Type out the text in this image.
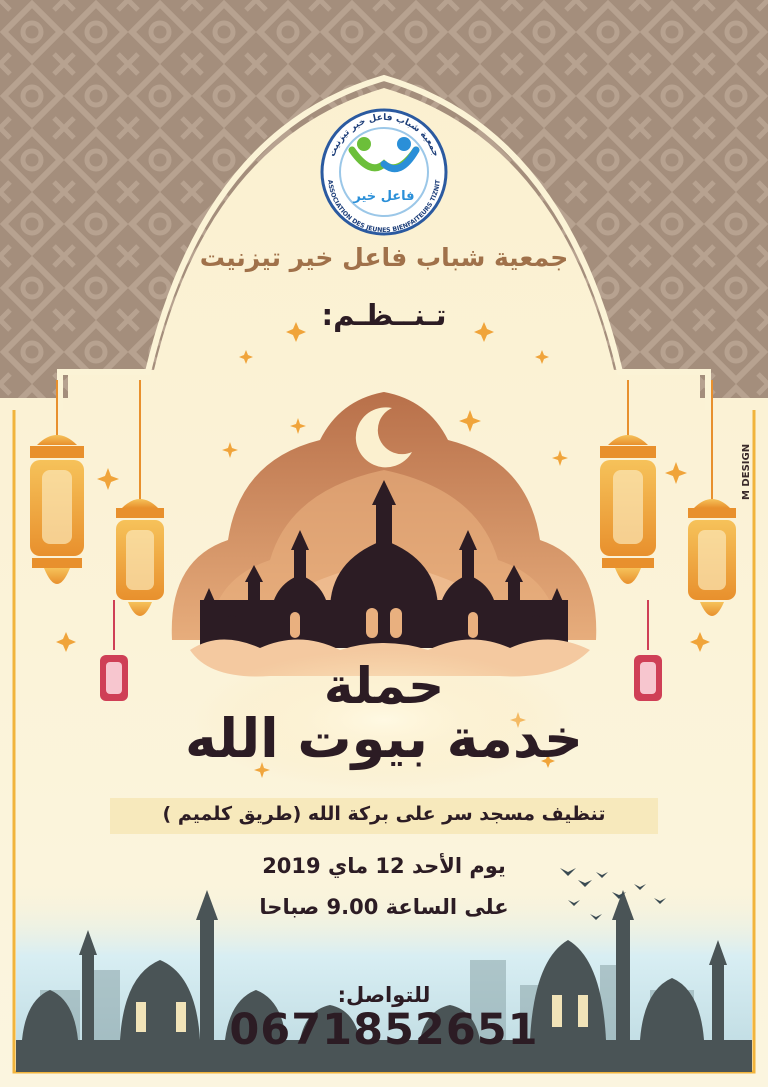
جمعية شباب فاعل خير تيزنيت
تـنــظـم:
حملة
خدمة بيوت الله
تنظيف مسجد سر على بركة الله (طريق كلميم )
يوم الأحد 12 ماي 2019
على الساعة 9.00 صباحا
للتواصل:
0671852651
M DESIGN
جمعية شباب فاعل خير تيزنيت
ASSOCIATION DES JEUNES BIENFAITEURS TIZNIT
فاعل خير
